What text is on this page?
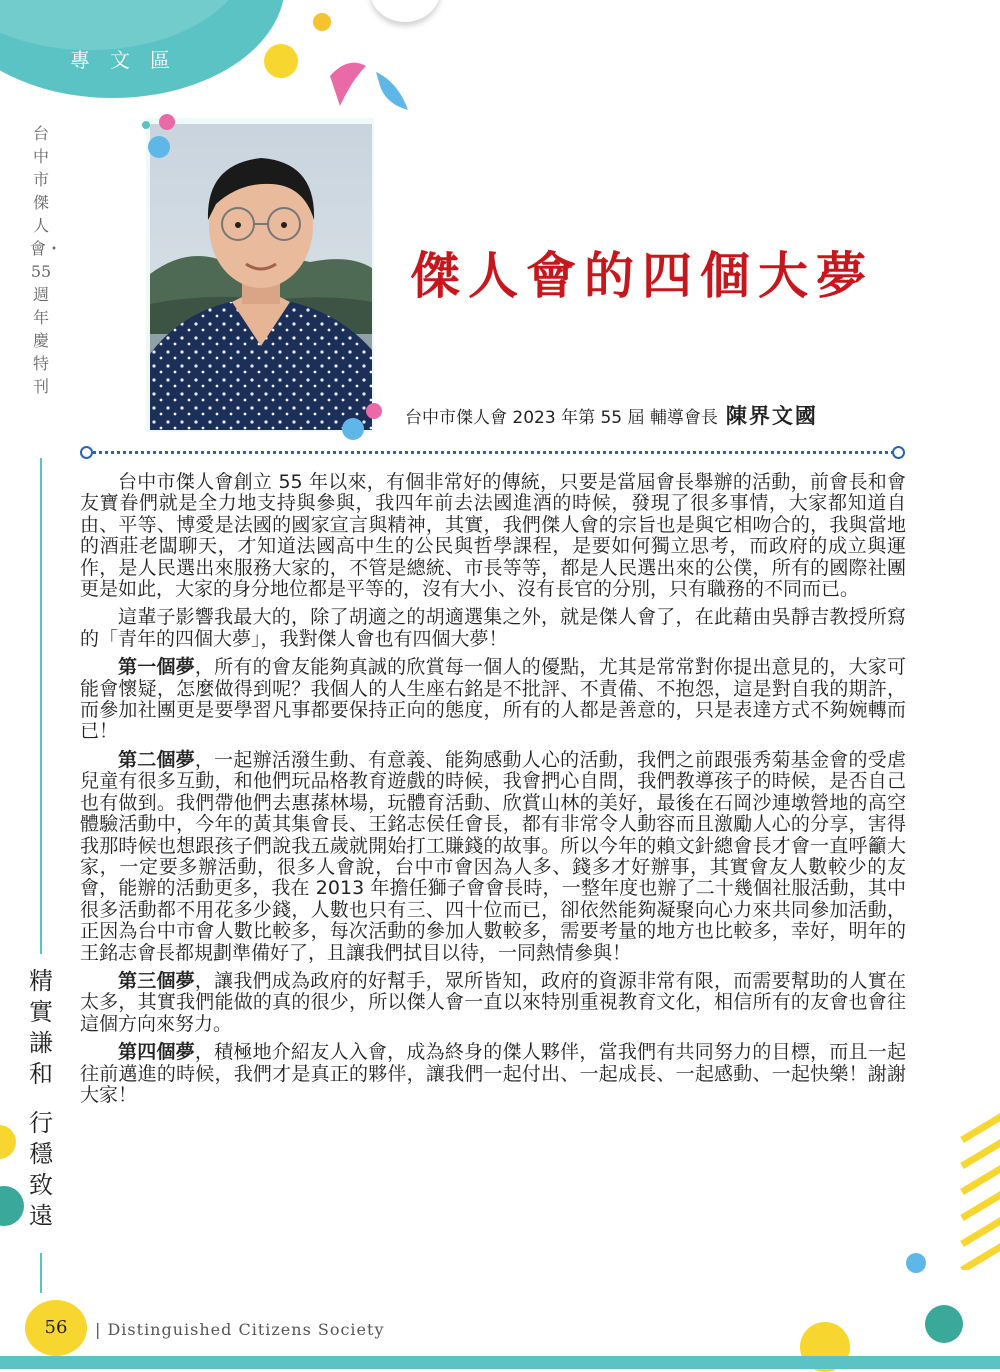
專文區
台中市傑人會・55週年慶特刊
精實謙和
行穩致遠
傑人會的四個大夢
台中市傑人會 2023 年第 55 屆 輔導會長 陳界文國

台中市傑人會創立 55 年以來，有個非常好的傳統，只要是當屆會長舉辦的活動，前會長和會友寶眷們就是全力地支持與參與，我四年前去法國進酒的時候，發現了很多事情，大家都知道自由、平等、博愛是法國的國家宣言與精神，其實，我們傑人會的宗旨也是與它相吻合的，我與當地的酒莊老闆聊天，才知道法國高中生的公民與哲學課程，是要如何獨立思考，而政府的成立與運作，是人民選出來服務大家的，不管是總統、市長等等，都是人民選出來的公僕，所有的國際社團更是如此，大家的身分地位都是平等的，沒有大小、沒有長官的分別，只有職務的不同而已。

這輩子影響我最大的，除了胡適之的胡適選集之外，就是傑人會了，在此藉由吳靜吉教授所寫的「青年的四個大夢」，我對傑人會也有四個大夢！

第一個夢，所有的會友能夠真誠的欣賞每一個人的優點，尤其是常常對你提出意見的，大家可能會懷疑，怎麼做得到呢？我個人的人生座右銘是不批評、不責備、不抱怨，這是對自我的期許，而參加社團更是要學習凡事都要保持正向的態度，所有的人都是善意的，只是表達方式不夠婉轉而已！

第二個夢，一起辦活潑生動、有意義、能夠感動人心的活動，我們之前跟張秀菊基金會的受虐兒童有很多互動，和他們玩品格教育遊戲的時候，我會捫心自問，我們教導孩子的時候，是否自己也有做到。我們帶他們去惠蓀林場，玩體育活動、欣賞山林的美好，最後在石岡沙連墩營地的高空體驗活動中，今年的黃其集會長、王銘志侯任會長，都有非常令人動容而且激勵人心的分享，害得我那時候也想跟孩子們說我五歲就開始打工賺錢的故事。所以今年的賴文針總會長才會一直呼籲大家，一定要多辦活動，很多人會說，台中市會因為人多、錢多才好辦事，其實會友人數較少的友會，能辦的活動更多，我在 2013 年擔任獅子會會長時，一整年度也辦了二十幾個社服活動，其中很多活動都不用花多少錢，人數也只有三、四十位而已，卻依然能夠凝聚向心力來共同參加活動，正因為台中市會人數比較多，每次活動的參加人數較多，需要考量的地方也比較多，幸好，明年的王銘志會長都規劃準備好了，且讓我們拭目以待，一同熱情參與！

第三個夢，讓我們成為政府的好幫手，眾所皆知，政府的資源非常有限，而需要幫助的人實在太多，其實我們能做的真的很少，所以傑人會一直以來特別重視教育文化，相信所有的友會也會往這個方向來努力。

第四個夢，積極地介紹友人入會，成為終身的傑人夥伴，當我們有共同努力的目標，而且一起往前邁進的時候，我們才是真正的夥伴，讓我們一起付出、一起成長、一起感動、一起快樂！謝謝大家！

56	| Distinguished Citizens Society
